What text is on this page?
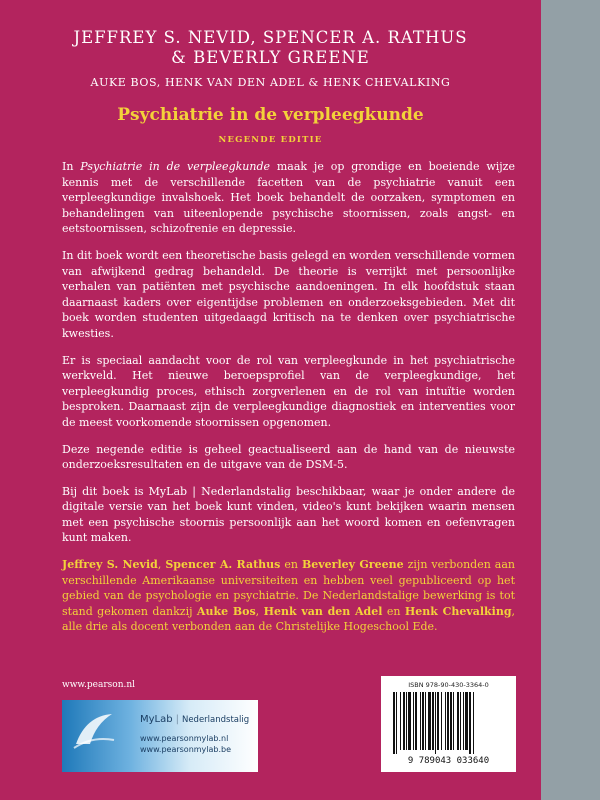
JEFFREY S. NEVID, SPENCER A. RATHUS
& BEVERLY GREENE
AUKE BOS, HENK VAN DEN ADEL & HENK CHEVALKING
Psychiatrie in de verpleegkunde
NEGENDE EDITIE

In Psychiatrie in de verpleegkunde maak je op grondige en boeiende wijze kennis met de verschillende facetten van de psychiatrie vanuit een verpleegkundige invalshoek. Het boek behandelt de oorzaken, symptomen en behandelingen van uiteenlopende psychische stoornissen, zoals angst- en eetstoornissen, schizofrenie en depressie.

In dit boek wordt een theoretische basis gelegd en worden verschillende vormen van afwijkend gedrag behandeld. De theorie is verrijkt met persoonlijke verhalen van patiënten met psychische aandoeningen. In elk hoofdstuk staan daarnaast kaders over eigentijdse problemen en onderzoeksgebieden. Met dit boek worden studenten uitgedaagd kritisch na te denken over psychiatrische kwesties.

Er is speciaal aandacht voor de rol van verpleegkunde in het psychiatrische werkveld. Het nieuwe beroepsprofiel van de verpleegkundige, het verpleegkundig proces, ethisch zorgverlenen en de rol van intuïtie worden besproken. Daarnaast zijn de verpleegkundige diagnostiek en interventies voor de meest voorkomende stoornissen opgenomen.

Deze negende editie is geheel geactualiseerd aan de hand van de nieuwste onderzoeksresultaten en de uitgave van de DSM-5.

Bij dit boek is MyLab | Nederlandstalig beschikbaar, waar je onder andere de digitale versie van het boek kunt vinden, video's kunt bekijken waarin mensen met een psychische stoornis persoonlijk aan het woord komen en oefenvragen kunt maken.

Jeffrey S. Nevid, Spencer A. Rathus en Beverley Greene zijn verbonden aan verschillende Amerikaanse universiteiten en hebben veel gepubliceerd op het gebied van de psychologie en psychiatrie. De Nederlandstalige bewerking is tot stand gekomen dankzij Auke Bos, Henk van den Adel en Henk Chevalking, alle drie als docent verbonden aan de Christelijke Hogeschool Ede.

www.pearson.nl
MyLab | Nederlandstalig
www.pearsonmylab.nl
www.pearsonmylab.be
ISBN 978-90-430-3364-0
9 789043 033640
